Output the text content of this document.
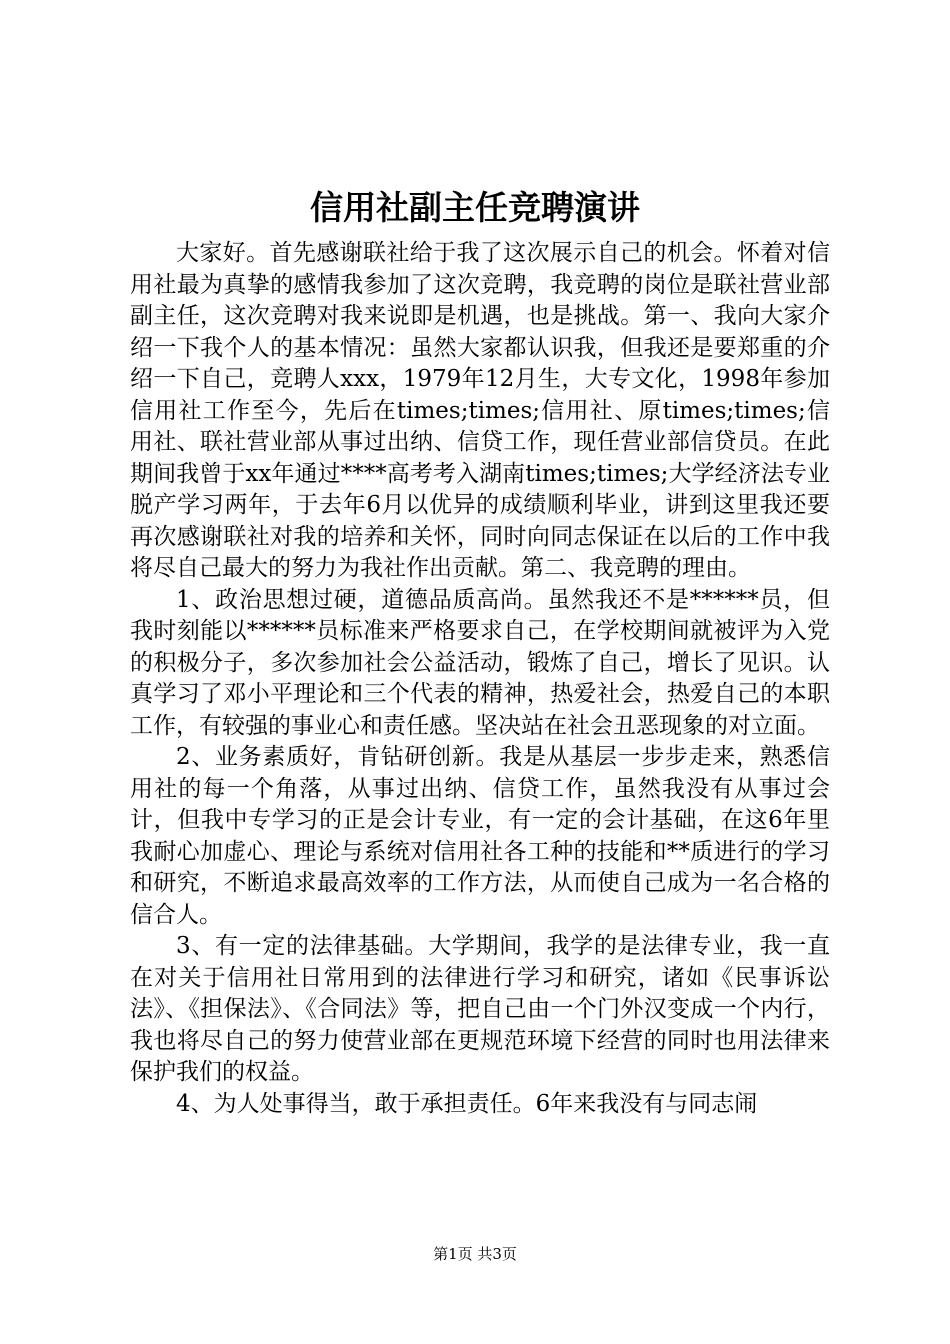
信用社副主任竞聘演讲

大家好。首先感谢联社给于我了这次展示自己的机会。怀着对信用社最为真挚的感情我参加了这次竞聘，我竞聘的岗位是联社营业部副主任，这次竞聘对我来说即是机遇，也是挑战。第一、我向大家介绍一下我个人的基本情况：虽然大家都认识我，但我还是要郑重的介绍一下自己，竞聘人xxx，1979年12月生，大专文化，1998年参加信用社工作至今，先后在times;times;信用社、原times;times;信用社、联社营业部从事过出纳、信贷工作，现任营业部信贷员。在此期间我曾于xx年通过****高考考入湖南times;times;大学经济法专业脱产学习两年，于去年6月以优异的成绩顺利毕业，讲到这里我还要再次感谢联社对我的培养和关怀，同时向同志保证在以后的工作中我将尽自己最大的努力为我社作出贡献。第二、我竞聘的理由。

1、政治思想过硬，道德品质高尚。虽然我还不是******员，但我时刻能以******员标准来严格要求自己，在学校期间就被评为入党的积极分子，多次参加社会公益活动，锻炼了自己，增长了见识。认真学习了邓小平理论和三个代表的精神，热爱社会，热爱自己的本职工作，有较强的事业心和责任感。坚决站在社会丑恶现象的对立面。

2、业务素质好，肯钻研创新。我是从基层一步步走来，熟悉信用社的每一个角落，从事过出纳、信贷工作，虽然我没有从事过会计，但我中专学习的正是会计专业，有一定的会计基础，在这6年里我耐心加虚心、理论与系统对信用社各工种的技能和**质进行的学习和研究，不断追求最高效率的工作方法，从而使自己成为一名合格的信合人。

3、有一定的法律基础。大学期间，我学的是法律专业，我一直在对关于信用社日常用到的法律进行学习和研究，诸如《民事诉讼法》、《担保法》、《合同法》等，把自己由一个门外汉变成一个内行，我也将尽自己的努力使营业部在更规范环境下经营的同时也用法律来保护我们的权益。

4、为人处事得当，敢于承担责任。6年来我没有与同志闹

第1页 共3页
